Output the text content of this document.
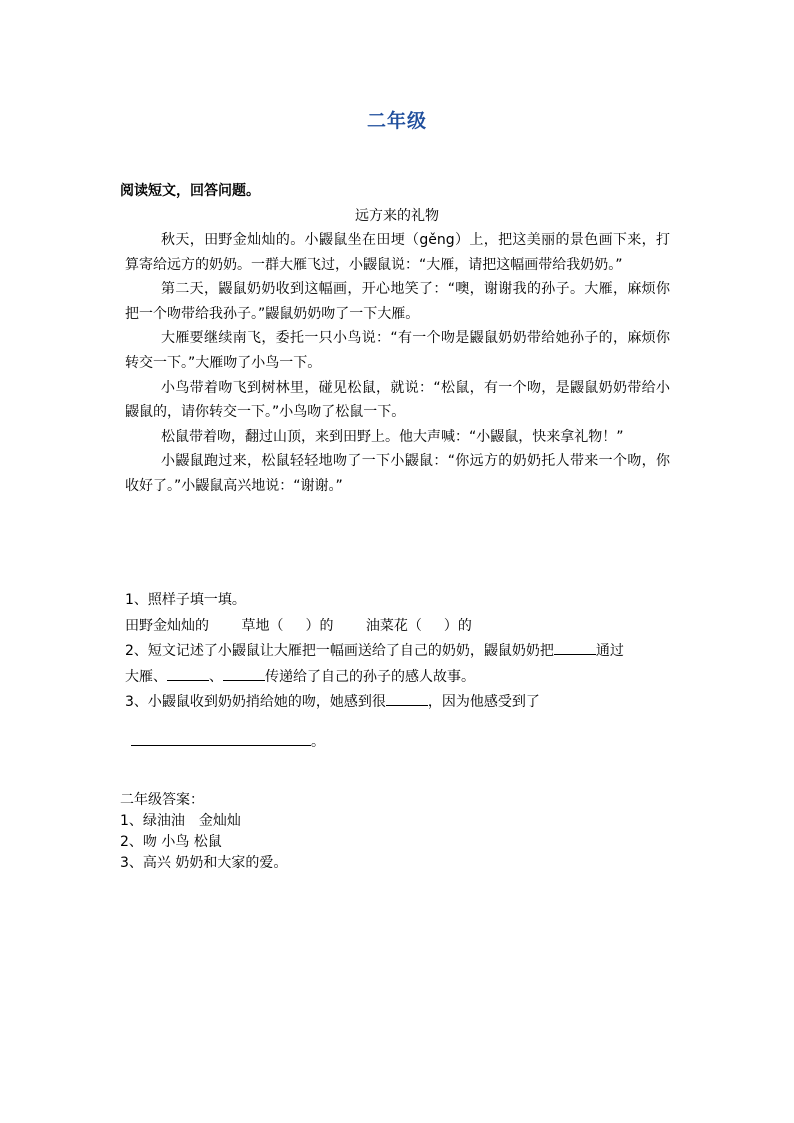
二年级
阅读短文，回答问题。
远方来的礼物

秋天，田野金灿灿的。小鼹鼠坐在田埂（gěng）上，把这美丽的景色画下来，打算寄给远方的奶奶。一群大雁飞过，小鼹鼠说：“大雁，请把这幅画带给我奶奶。”

第二天，鼹鼠奶奶收到这幅画，开心地笑了：“噢，谢谢我的孙子。大雁，麻烦你把一个吻带给我孙子。”鼹鼠奶奶吻了一下大雁。

大雁要继续南飞，委托一只小鸟说：“有一个吻是鼹鼠奶奶带给她孙子的，麻烦你转交一下。”大雁吻了小鸟一下。

小鸟带着吻飞到树林里，碰见松鼠，就说：“松鼠，有一个吻，是鼹鼠奶奶带给小鼹鼠的，请你转交一下。”小鸟吻了松鼠一下。

松鼠带着吻，翻过山顶，来到田野上。他大声喊：“小鼹鼠，快来拿礼物！”

小鼹鼠跑过来，松鼠轻轻地吻了一下小鼹鼠：“你远方的奶奶托人带来一个吻，你收好了。”小鼹鼠高兴地说：“谢谢。”

1、照样子填一填。
田野金灿灿的 草地（ ）的 油菜花（ ）的
2、短文记述了小鼹鼠让大雁把一幅画送给了自己的奶奶，鼹鼠奶奶把	通过
大雁、	、	传递给了自己的孙子的感人故事。
3、小鼹鼠收到奶奶捎给她的吻，她感到很	，因为他感受到了
。
二年级答案：
1、绿油油　金灿灿
2、吻 小鸟 松鼠
3、高兴 奶奶和大家的爱。
